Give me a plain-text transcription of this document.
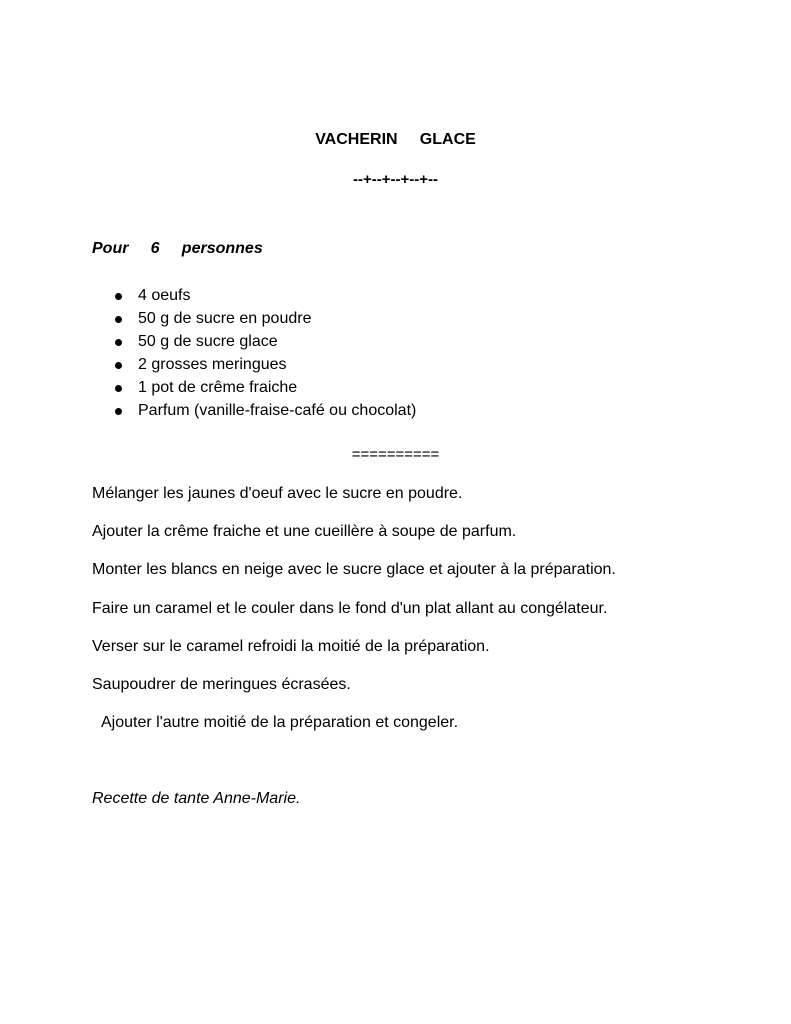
VACHERIN     GLACE
--+--+--+--+--
Pour     6     personnes
4 oeufs
50 g de sucre en poudre
50 g de sucre glace
2 grosses meringues
1 pot de crême fraiche
Parfum (vanille-fraise-café ou chocolat)
==========
Mélanger les jaunes d'oeuf avec le sucre en poudre.
Ajouter la crême fraiche et une cueillère à soupe de parfum.
Monter les blancs en neige avec le sucre glace et ajouter à la préparation.
Faire un caramel et le couler dans le fond d'un plat allant au congélateur.
Verser sur le caramel refroidi la moitié de la préparation.
Saupoudrer de meringues écrasées.
Ajouter l'autre moitié de la préparation et congeler.
Recette de tante Anne-Marie.
